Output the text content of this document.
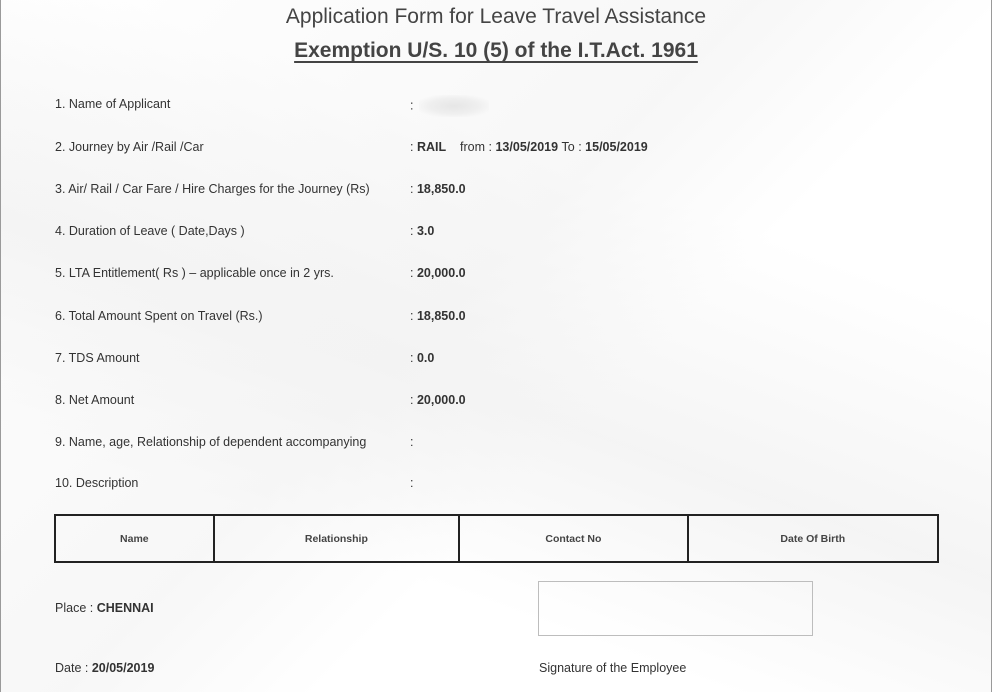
Application Form for Leave Travel Assistance
Exemption U/S. 10 (5) of the I.T.Act. 1961
1. Name of Applicant	:
2. Journey by Air /Rail /Car	: RAIL from : 13/05/2019 To : 15/05/2019
3. Air/ Rail / Car Fare / Hire Charges for the Journey (Rs)	: 18,850.0
4. Duration of Leave ( Date,Days )	: 3.0
5. LTA Entitlement( Rs ) – applicable once in 2 yrs.	: 20,000.0
6. Total Amount Spent on Travel (Rs.)	: 18,850.0
7. TDS Amount	: 0.0
8. Net Amount	: 20,000.0
9. Name, age, Relationship of dependent accompanying	:
10. Description	:
Name	Relationship	Contact No	Date Of Birth
Place : CHENNAI
Date : 20/05/2019	Signature of the Employee
